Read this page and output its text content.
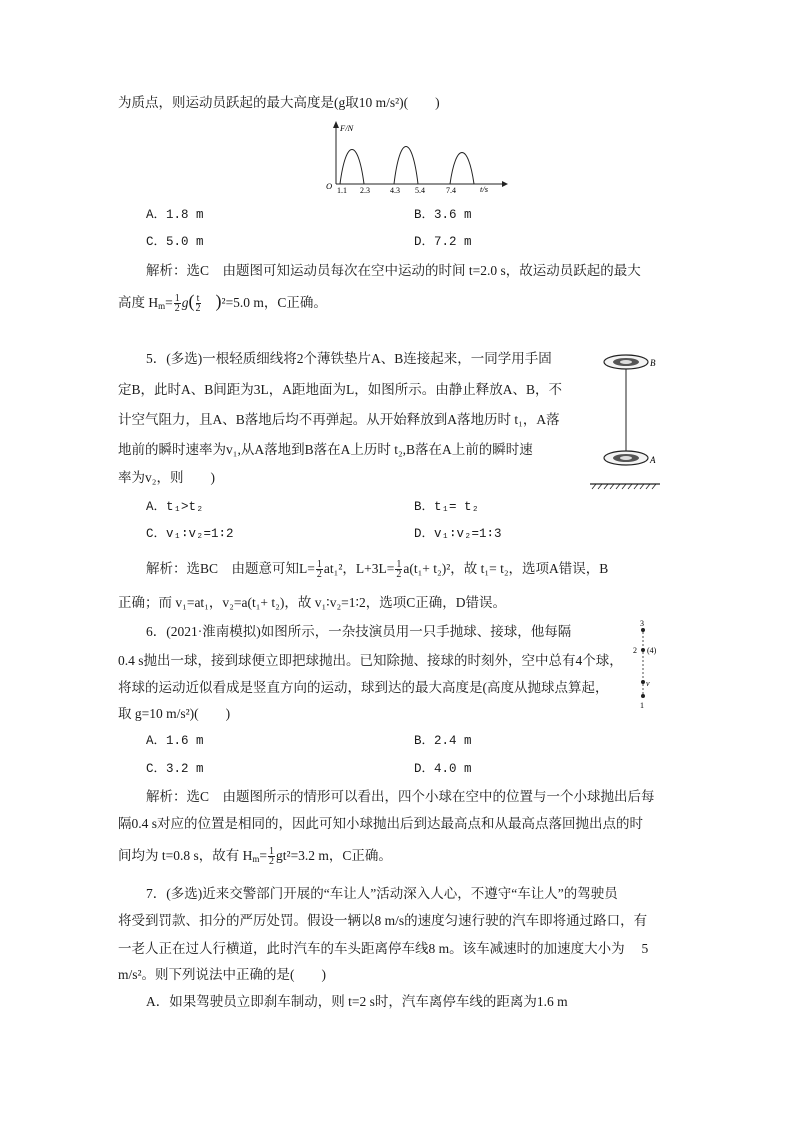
为质点，则运动员跃起的最大高度是(g取10 m/s²)(　　)
F/N
O	t/s
1.1 2.3	4.3 5.4	7.4
A．1.8 m	B．3.6 m
C．5.0 m	D．7.2 m
解析：选C　由题图可知运动员每次在空中运动的时间 t=2.0 s，故运动员跃起的最大
高度 $H_m= \frac{1}{2} g( \frac{t}{2} )^2=5.0$ m，C正确。
5．(多选)一根轻质细线将2个薄铁垫片A、B连接起来，一同学用手固
定B，此时A、B间距为3L，A距地面为L，如图所示。由静止释放A、B，不
计空气阻力，且A、B落地后均不再弹起。从开始释放到A落地历时 t₁，A落
地前的瞬时速率为v₁,从A落地到B落在A上历时 t₂,B落在A上前的瞬时速
率为v₂，则　　)
B
A
A．t₁>t₂	B．t₁= t₂
C．v₁∶v₂=1∶2	D．v₁∶v₂=1∶3
解析：选BC　由题意可知$L= \frac{1}{2} at_1^2$，$L+3L= \frac{1}{2} a(t_1+ t_2)^2$，故 t₁= t₂，选项A错误，B
正确；而 v₁=at₁，v₂=a(t₁+ t₂)，故 v₁∶v₂=1∶2，选项C正确，D错误。
6．(2021·淮南模拟)如图所示，一杂技演员用一只手抛球、接球，他每隔
0.4 s抛出一球，接到球便立即把球抛出。已知除抛、接球的时刻外，空中总有4个球，
将球的运动近似看成是竖直方向的运动，球到达的最大高度是(高度从抛球点算起，
取 g=10 m/s²)(　　)
3
2 (4)
v
1
A．1.6 m	B．2.4 m
C．3.2 m	D．4.0 m
解析：选C　由题图所示的情形可以看出，四个小球在空中的位置与一个小球抛出后每
隔0.4 s对应的位置是相同的，因此可知小球抛出后到达最高点和从最高点落回抛出点的时
间均为 t=0.8 s，故有 $H_m= \frac{1}{2} gt^2=3.2$ m，C正确。
7．(多选)近来交警部门开展的“车让人”活动深入人心，不遵守“车让人”的驾驶员
将受到罚款、扣分的严厉处罚。假设一辆以8 m/s的速度匀速行驶的汽车即将通过路口，有
一老人正在过人行横道，此时汽车的车头距离停车线8 m。该车减速时的加速度大小为　 5
m/s²。则下列说法中正确的是(　　)
A．如果驾驶员立即刹车制动，则 t=2 s时，汽车离停车线的距离为1.6 m
